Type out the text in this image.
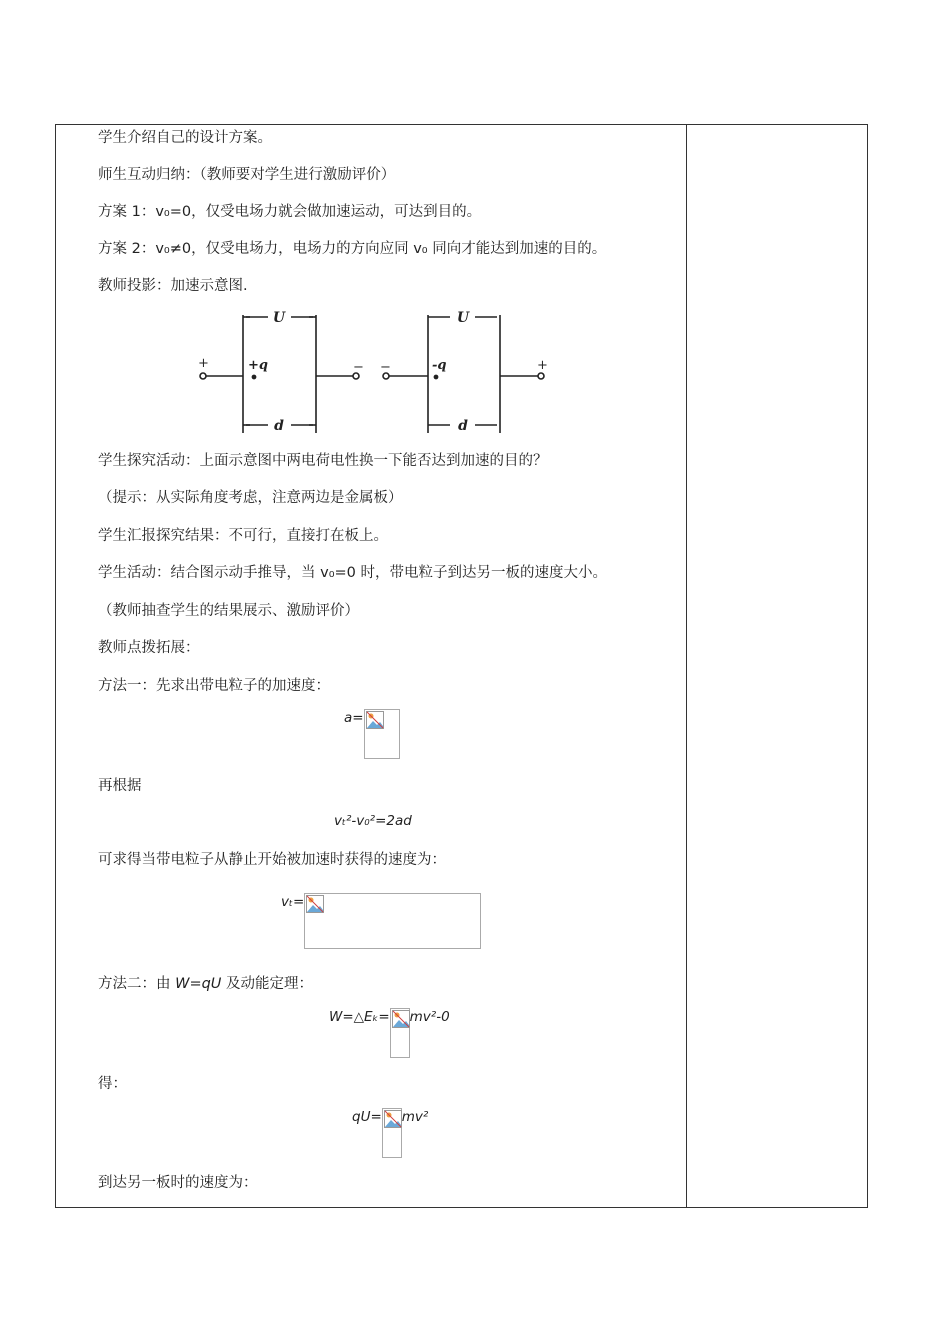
学生介绍自己的设计方案。
师生互动归纳：（教师要对学生进行激励评价）
方案 1：v₀=0，仅受电场力就会做加速运动，可达到目的。
方案 2：v₀≠0，仅受电场力，电场力的方向应同 v₀ 同向才能达到加速的目的。
教师投影：加速示意图.
U
d
+q
+	−
U
d
-q
−	+
学生探究活动：上面示意图中两电荷电性换一下能否达到加速的目的？
（提示：从实际角度考虑，注意两边是金属板）
学生汇报探究结果：不可行，直接打在板上。
学生活动：结合图示动手推导，当 v₀=0 时，带电粒子到达另一板的速度大小。
（教师抽查学生的结果展示、激励评价）
教师点拨拓展：
方法一：先求出带电粒子的加速度：
a=
再根据
vₜ²-v₀²=2ad
可求得当带电粒子从静止开始被加速时获得的速度为：
vₜ=
方法二：由 W=qU 及动能定理：
W=△Eₖ= mv²-0
得：
qU= mv²
到达另一板时的速度为：
